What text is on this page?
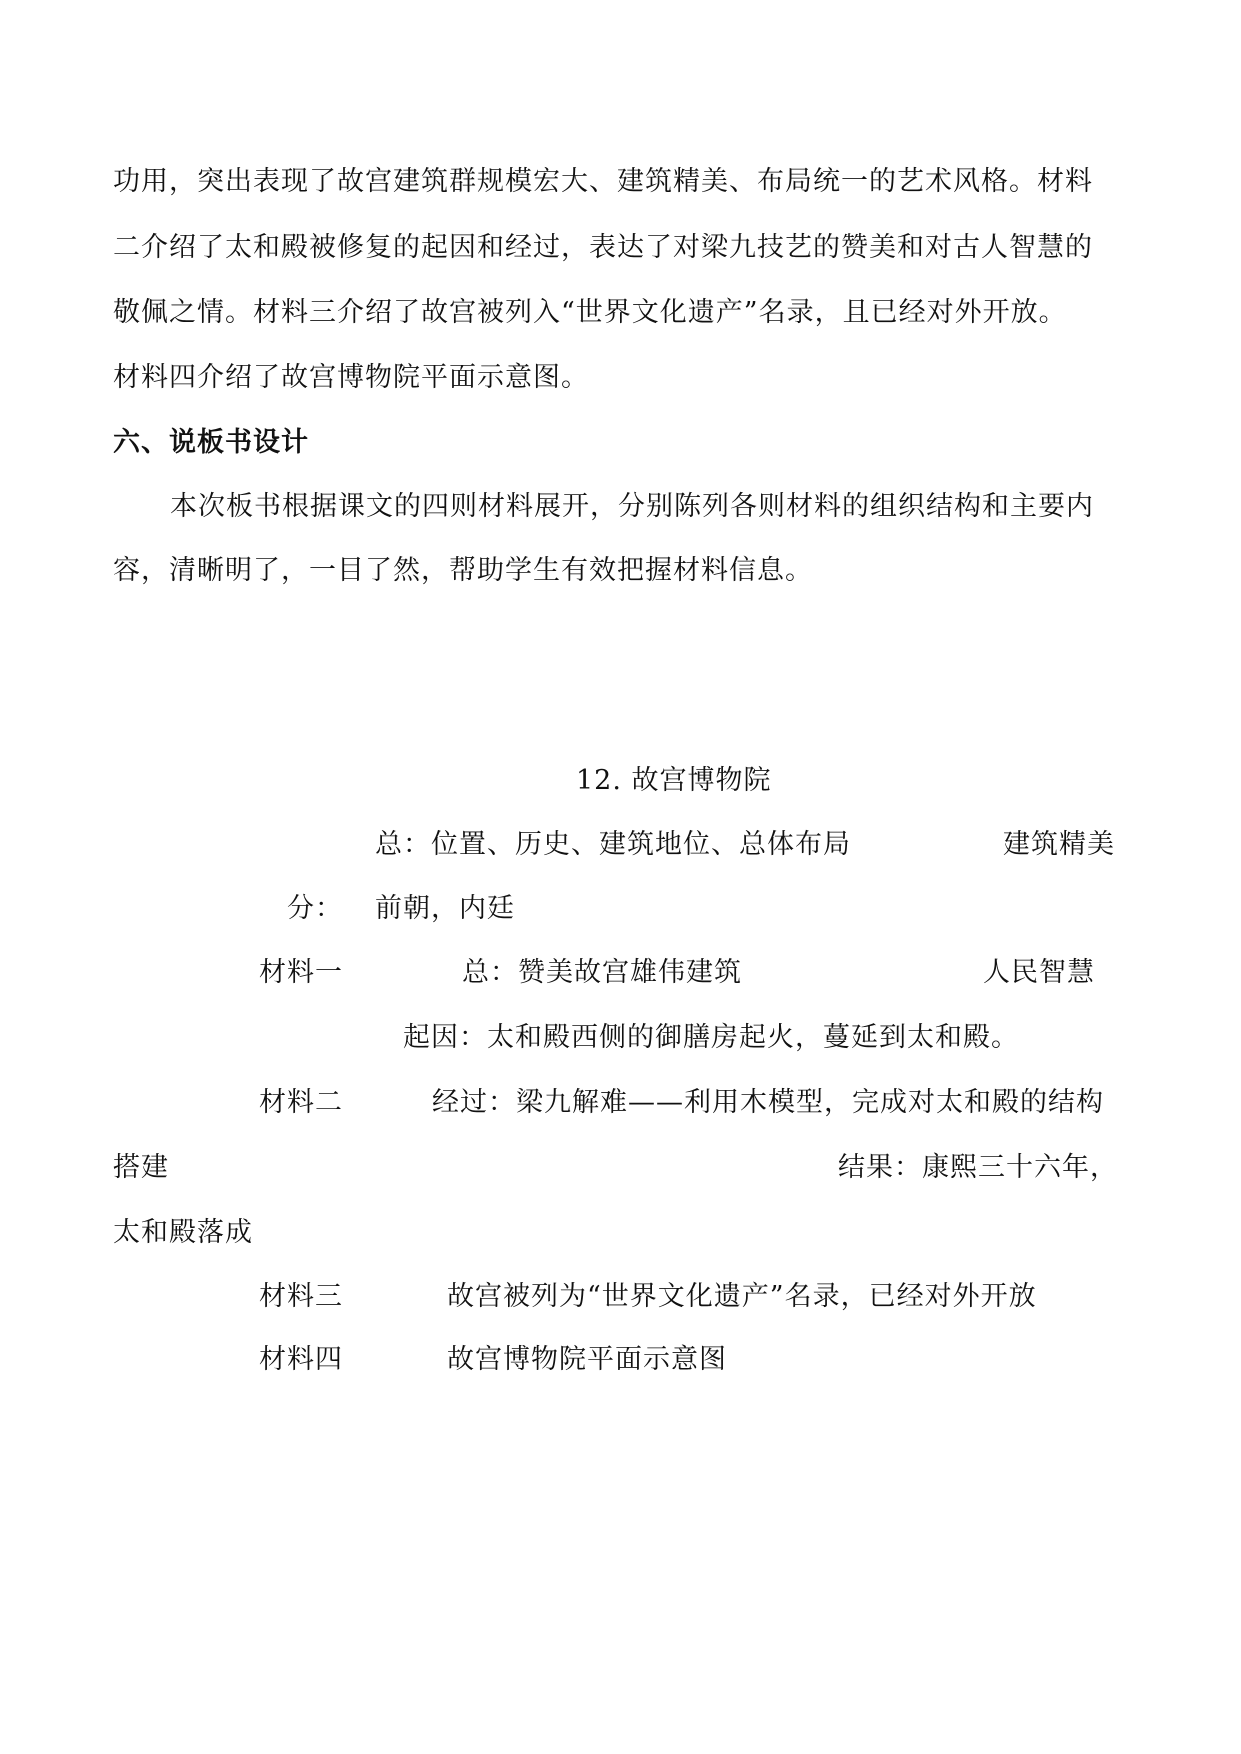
功用，突出表现了故宫建筑群规模宏大、建筑精美、布局统一的艺术风格。材料
二介绍了太和殿被修复的起因和经过，表达了对梁九技艺的赞美和对古人智慧的
敬佩之情。材料三介绍了故宫被列入“世界文化遗产”名录，且已经对外开放。
材料四介绍了故宫博物院平面示意图。
六、说板书设计
本次板书根据课文的四则材料展开，分别陈列各则材料的组织结构和主要内
容，清晰明了，一目了然，帮助学生有效把握材料信息。
12. 故宫博物院
总：位置、历史、建筑地位、总体布局	建筑精美
分： 前朝，内廷
材料一	总：赞美故宫雄伟建筑	人民智慧
起因：太和殿西侧的御膳房起火，蔓延到太和殿。
材料二	经过：梁九解难——利用木模型，完成对太和殿的结构
搭建	结果：康熙三十六年，
太和殿落成
材料三	故宫被列为“世界文化遗产”名录，已经对外开放
材料四	故宫博物院平面示意图
